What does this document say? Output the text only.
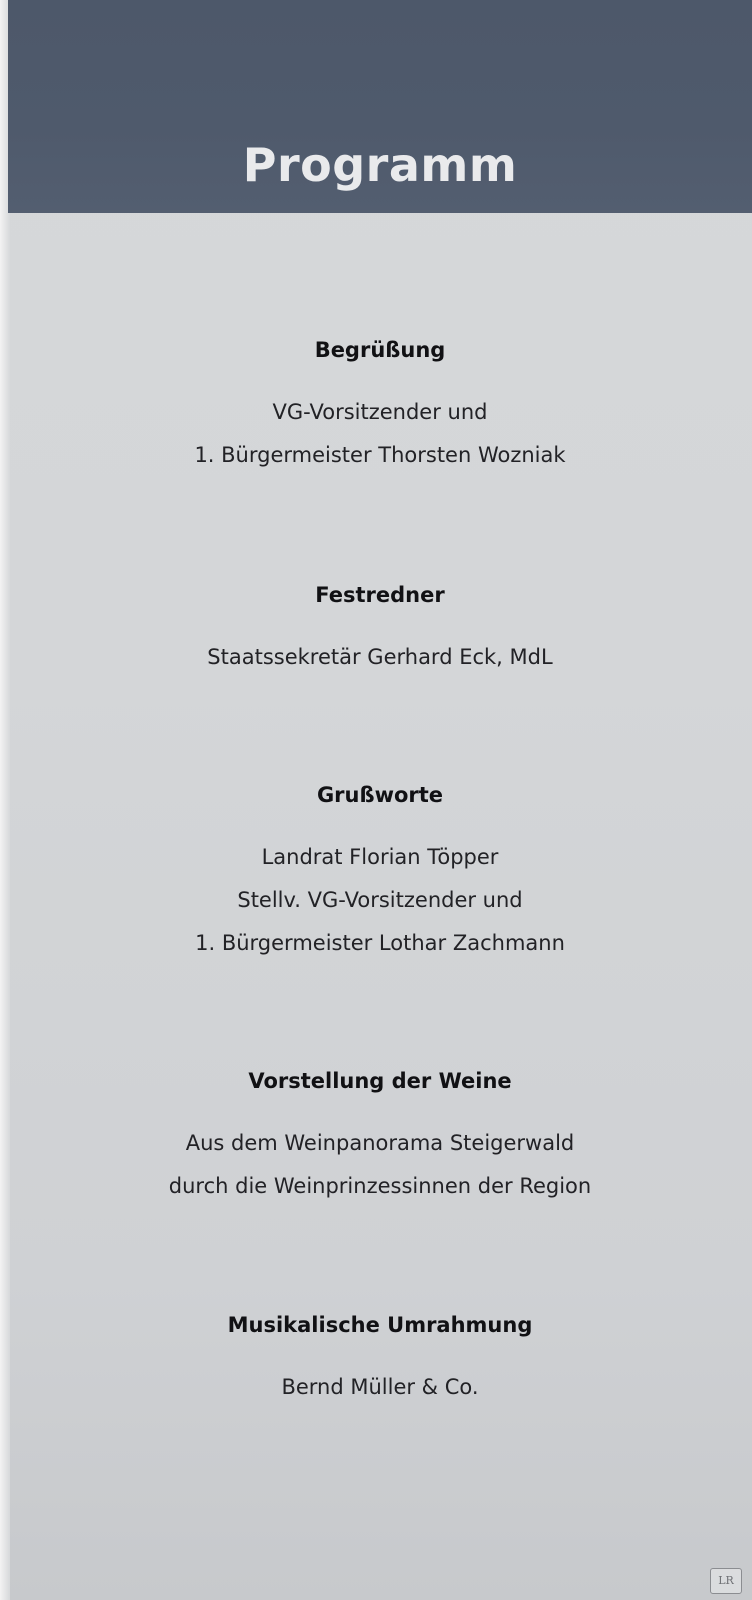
Programm
Begrüßung
VG-Vorsitzender und
1. Bürgermeister Thorsten Wozniak
Festredner
Staatssekretär Gerhard Eck, MdL
Grußworte
Landrat Florian Töpper
Stellv. VG-Vorsitzender und
1. Bürgermeister Lothar Zachmann
Vorstellung der Weine
Aus dem Weinpanorama Steigerwald
durch die Weinprinzessinnen der Region
Musikalische Umrahmung
Bernd Müller & Co.
LR
